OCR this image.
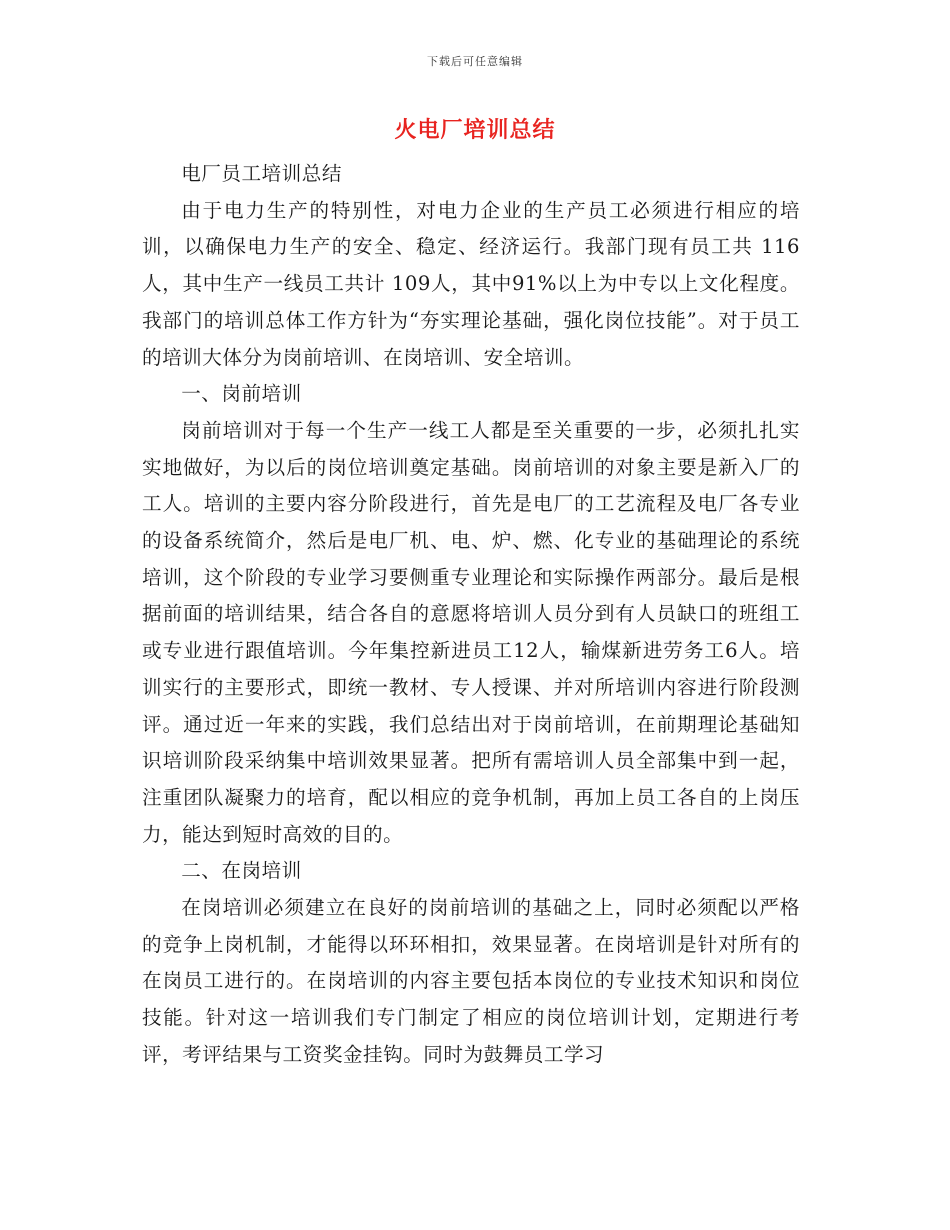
下载后可任意编辑
火电厂培训总结

电厂员工培训总结

由于电力生产的特别性，对电力企业的生产员工必须进行相应的培训，以确保电力生产的安全、稳定、经济运行。我部门现有员工共 116 人，其中生产一线员工共计 109人，其中91%以上为中专以上文化程度。我部门的培训总体工作方针为“夯实理论基础，强化岗位技能”。对于员工的培训大体分为岗前培训、在岗培训、安全培训。

一、岗前培训

岗前培训对于每一个生产一线工人都是至关重要的一步，必须扎扎实实地做好，为以后的岗位培训奠定基础。岗前培训的对象主要是新入厂的工人。培训的主要内容分阶段进行，首先是电厂的工艺流程及电厂各专业的设备系统简介，然后是电厂机、电、炉、燃、化专业的基础理论的系统培训，这个阶段的专业学习要侧重专业理论和实际操作两部分。最后是根据前面的培训结果，结合各自的意愿将培训人员分到有人员缺口的班组工或专业进行跟值培训。今年集控新进员工12人，输煤新进劳务工6人。培训实行的主要形式，即统一教材、专人授课、并对所培训内容进行阶段测评。通过近一年来的实践，我们总结出对于岗前培训，在前期理论基础知识培训阶段采纳集中培训效果显著。把所有需培训人员全部集中到一起，注重团队凝聚力的培育，配以相应的竞争机制，再加上员工各自的上岗压力，能达到短时高效的目的。

二、在岗培训

在岗培训必须建立在良好的岗前培训的基础之上，同时必须配以严格的竞争上岗机制，才能得以环环相扣，效果显著。在岗培训是针对所有的在岗员工进行的。在岗培训的内容主要包括本岗位的专业技术知识和岗位技能。针对这一培训我们专门制定了相应的岗位培训计划，定期进行考评，考评结果与工资奖金挂钩。同时为鼓舞员工学习
